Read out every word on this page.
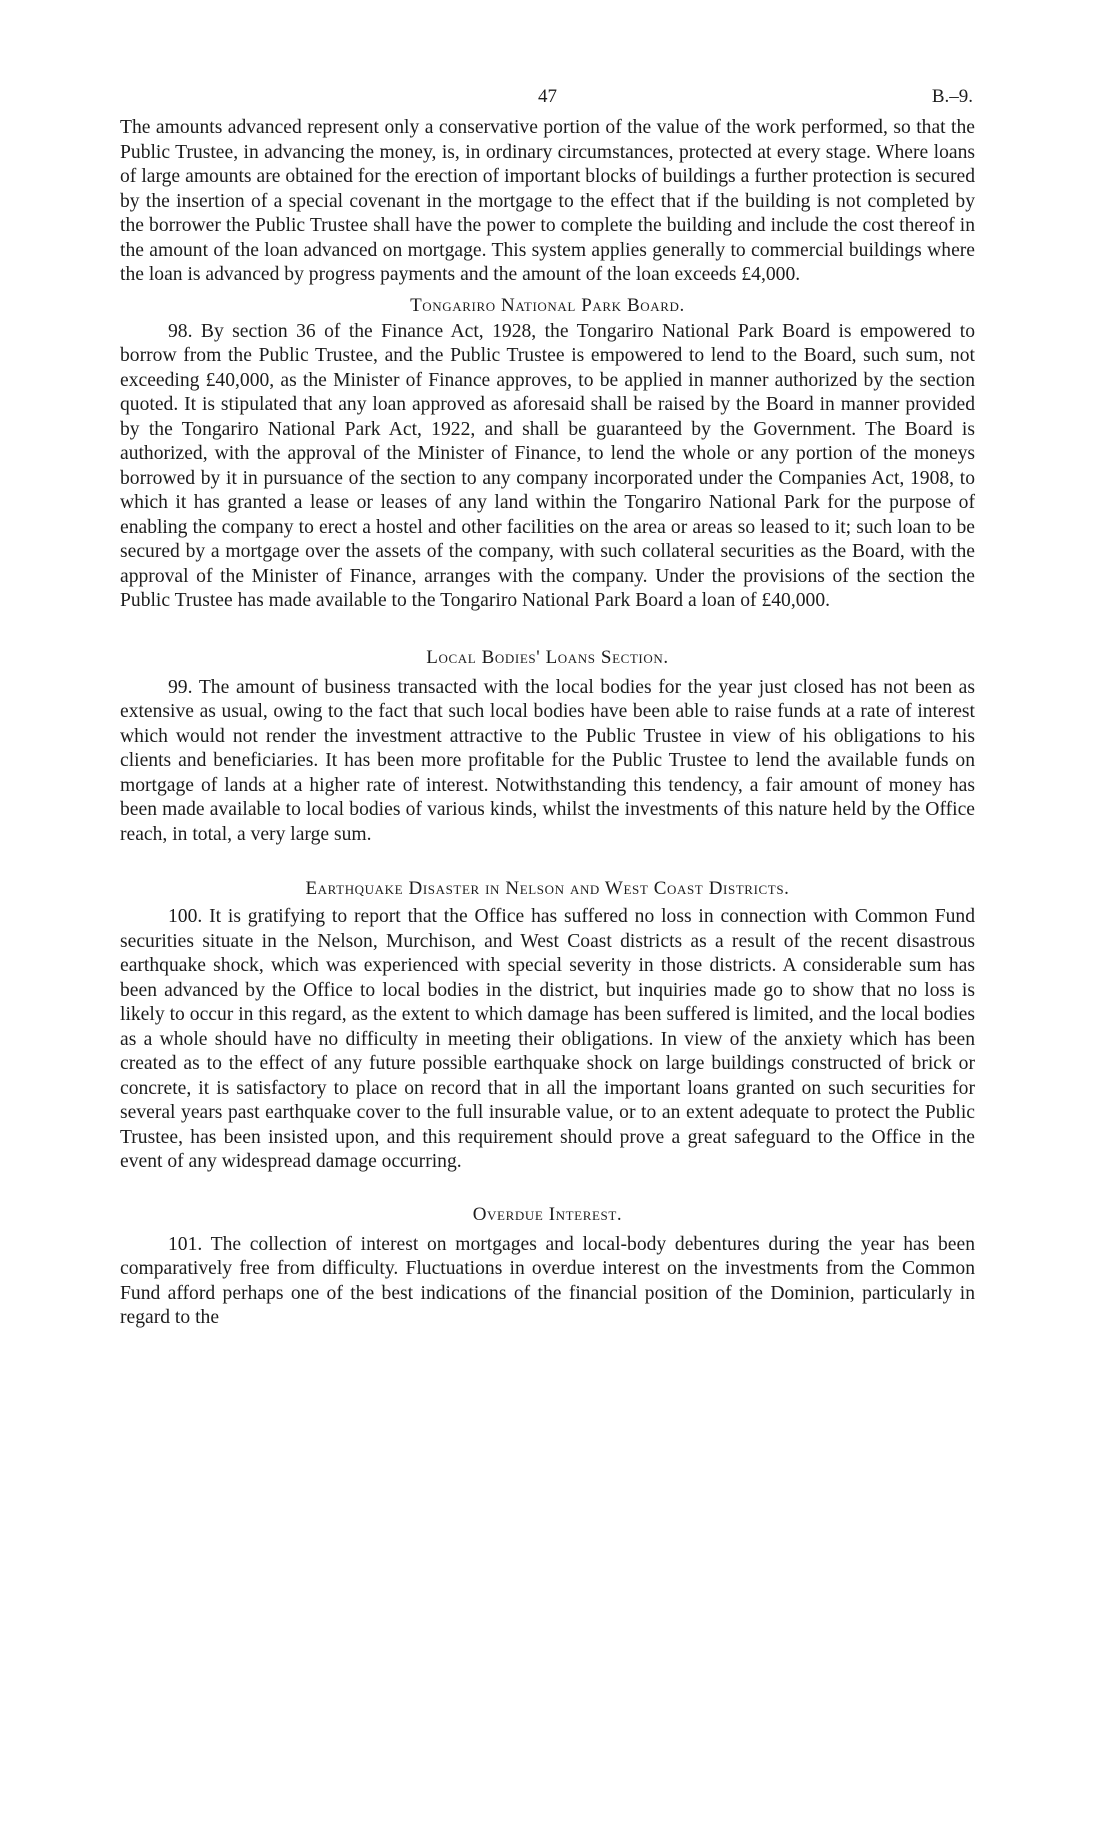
47	B.–9.

The amounts advanced represent only a conservative portion of the value of the work performed, so that the Public Trustee, in advancing the money, is, in ordinary circumstances, protected at every stage. Where loans of large amounts are obtained for the erection of important blocks of buildings a further protection is secured by the insertion of a special covenant in the mortgage to the effect that if the building is not completed by the borrower the Public Trustee shall have the power to complete the building and include the cost thereof in the amount of the loan advanced on mortgage. This system applies generally to commercial buildings where the loan is advanced by progress payments and the amount of the loan exceeds £4,000.

Tongariro National Park Board.

98. By section 36 of the Finance Act, 1928, the Tongariro National Park Board is empowered to borrow from the Public Trustee, and the Public Trustee is empowered to lend to the Board, such sum, not exceeding £40,000, as the Minister of Finance approves, to be applied in manner authorized by the section quoted. It is stipulated that any loan approved as aforesaid shall be raised by the Board in manner provided by the Tongariro National Park Act, 1922, and shall be guaranteed by the Government. The Board is authorized, with the approval of the Minister of Finance, to lend the whole or any portion of the moneys borrowed by it in pursuance of the section to any company incorporated under the Companies Act, 1908, to which it has granted a lease or leases of any land within the Tongariro National Park for the purpose of enabling the company to erect a hostel and other facilities on the area or areas so leased to it; such loan to be secured by a mortgage over the assets of the company, with such collateral securities as the Board, with the approval of the Minister of Finance, arranges with the company. Under the provisions of the section the Public Trustee has made available to the Tongariro National Park Board a loan of £40,000.

Local Bodies' Loans Section.

99. The amount of business transacted with the local bodies for the year just closed has not been as extensive as usual, owing to the fact that such local bodies have been able to raise funds at a rate of interest which would not render the investment attractive to the Public Trustee in view of his obligations to his clients and beneficiaries. It has been more profitable for the Public Trustee to lend the available funds on mortgage of lands at a higher rate of interest. Notwithstanding this tendency, a fair amount of money has been made available to local bodies of various kinds, whilst the investments of this nature held by the Office reach, in total, a very large sum.

Earthquake Disaster in Nelson and West Coast Districts.

100. It is gratifying to report that the Office has suffered no loss in connection with Common Fund securities situate in the Nelson, Murchison, and West Coast districts as a result of the recent disastrous earthquake shock, which was experienced with special severity in those districts. A considerable sum has been advanced by the Office to local bodies in the district, but inquiries made go to show that no loss is likely to occur in this regard, as the extent to which damage has been suffered is limited, and the local bodies as a whole should have no difficulty in meeting their obligations. In view of the anxiety which has been created as to the effect of any future possible earthquake shock on large buildings constructed of brick or concrete, it is satisfactory to place on record that in all the important loans granted on such securities for several years past earthquake cover to the full insurable value, or to an extent adequate to protect the Public Trustee, has been insisted upon, and this requirement should prove a great safeguard to the Office in the event of any widespread damage occurring.

Overdue Interest.

101. The collection of interest on mortgages and local-body debentures during the year has been comparatively free from difficulty. Fluctuations in overdue interest on the investments from the Common Fund afford perhaps one of the best indications of the financial position of the Dominion, particularly in regard to the
